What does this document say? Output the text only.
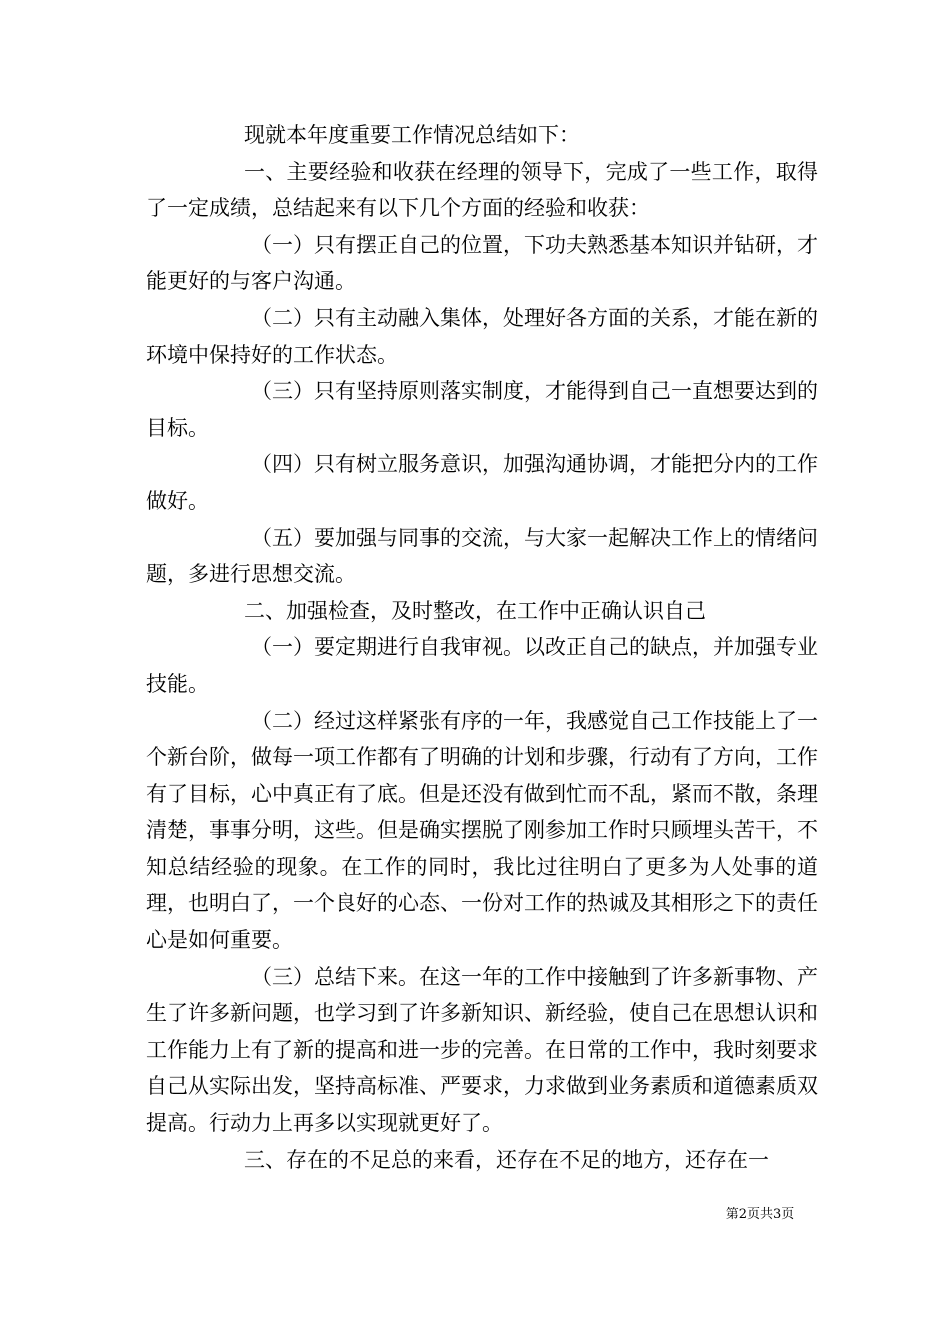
现就本年度重要工作情况总结如下：

一、主要经验和收获在经理的领导下，完成了一些工作，取得了一定成绩，总结起来有以下几个方面的经验和收获：

（一）只有摆正自己的位置，下功夫熟悉基本知识并钻研，才能更好的与客户沟通。

（二）只有主动融入集体，处理好各方面的关系，才能在新的环境中保持好的工作状态。

（三）只有坚持原则落实制度，才能得到自己一直想要达到的目标。

（四）只有树立服务意识，加强沟通协调，才能把分内的工作做好。

（五）要加强与同事的交流，与大家一起解决工作上的情绪问题，多进行思想交流。

二、加强检查，及时整改，在工作中正确认识自己

（一）要定期进行自我审视。以改正自己的缺点，并加强专业技能。

（二）经过这样紧张有序的一年，我感觉自己工作技能上了一个新台阶，做每一项工作都有了明确的计划和步骤，行动有了方向，工作有了目标，心中真正有了底。但是还没有做到忙而不乱，紧而不散，条理清楚，事事分明，这些。但是确实摆脱了刚参加工作时只顾埋头苦干，不知总结经验的现象。在工作的同时，我比过往明白了更多为人处事的道理，也明白了，一个良好的心态、一份对工作的热诚及其相形之下的责任心是如何重要。

（三）总结下来。在这一年的工作中接触到了许多新事物、产生了许多新问题，也学习到了许多新知识、新经验，使自己在思想认识和工作能力上有了新的提高和进一步的完善。在日常的工作中，我时刻要求自己从实际出发，坚持高标准、严要求，力求做到业务素质和道德素质双提高。行动力上再多以实现就更好了。

三、存在的不足总的来看，还存在不足的地方，还存在一

第2页共3页
